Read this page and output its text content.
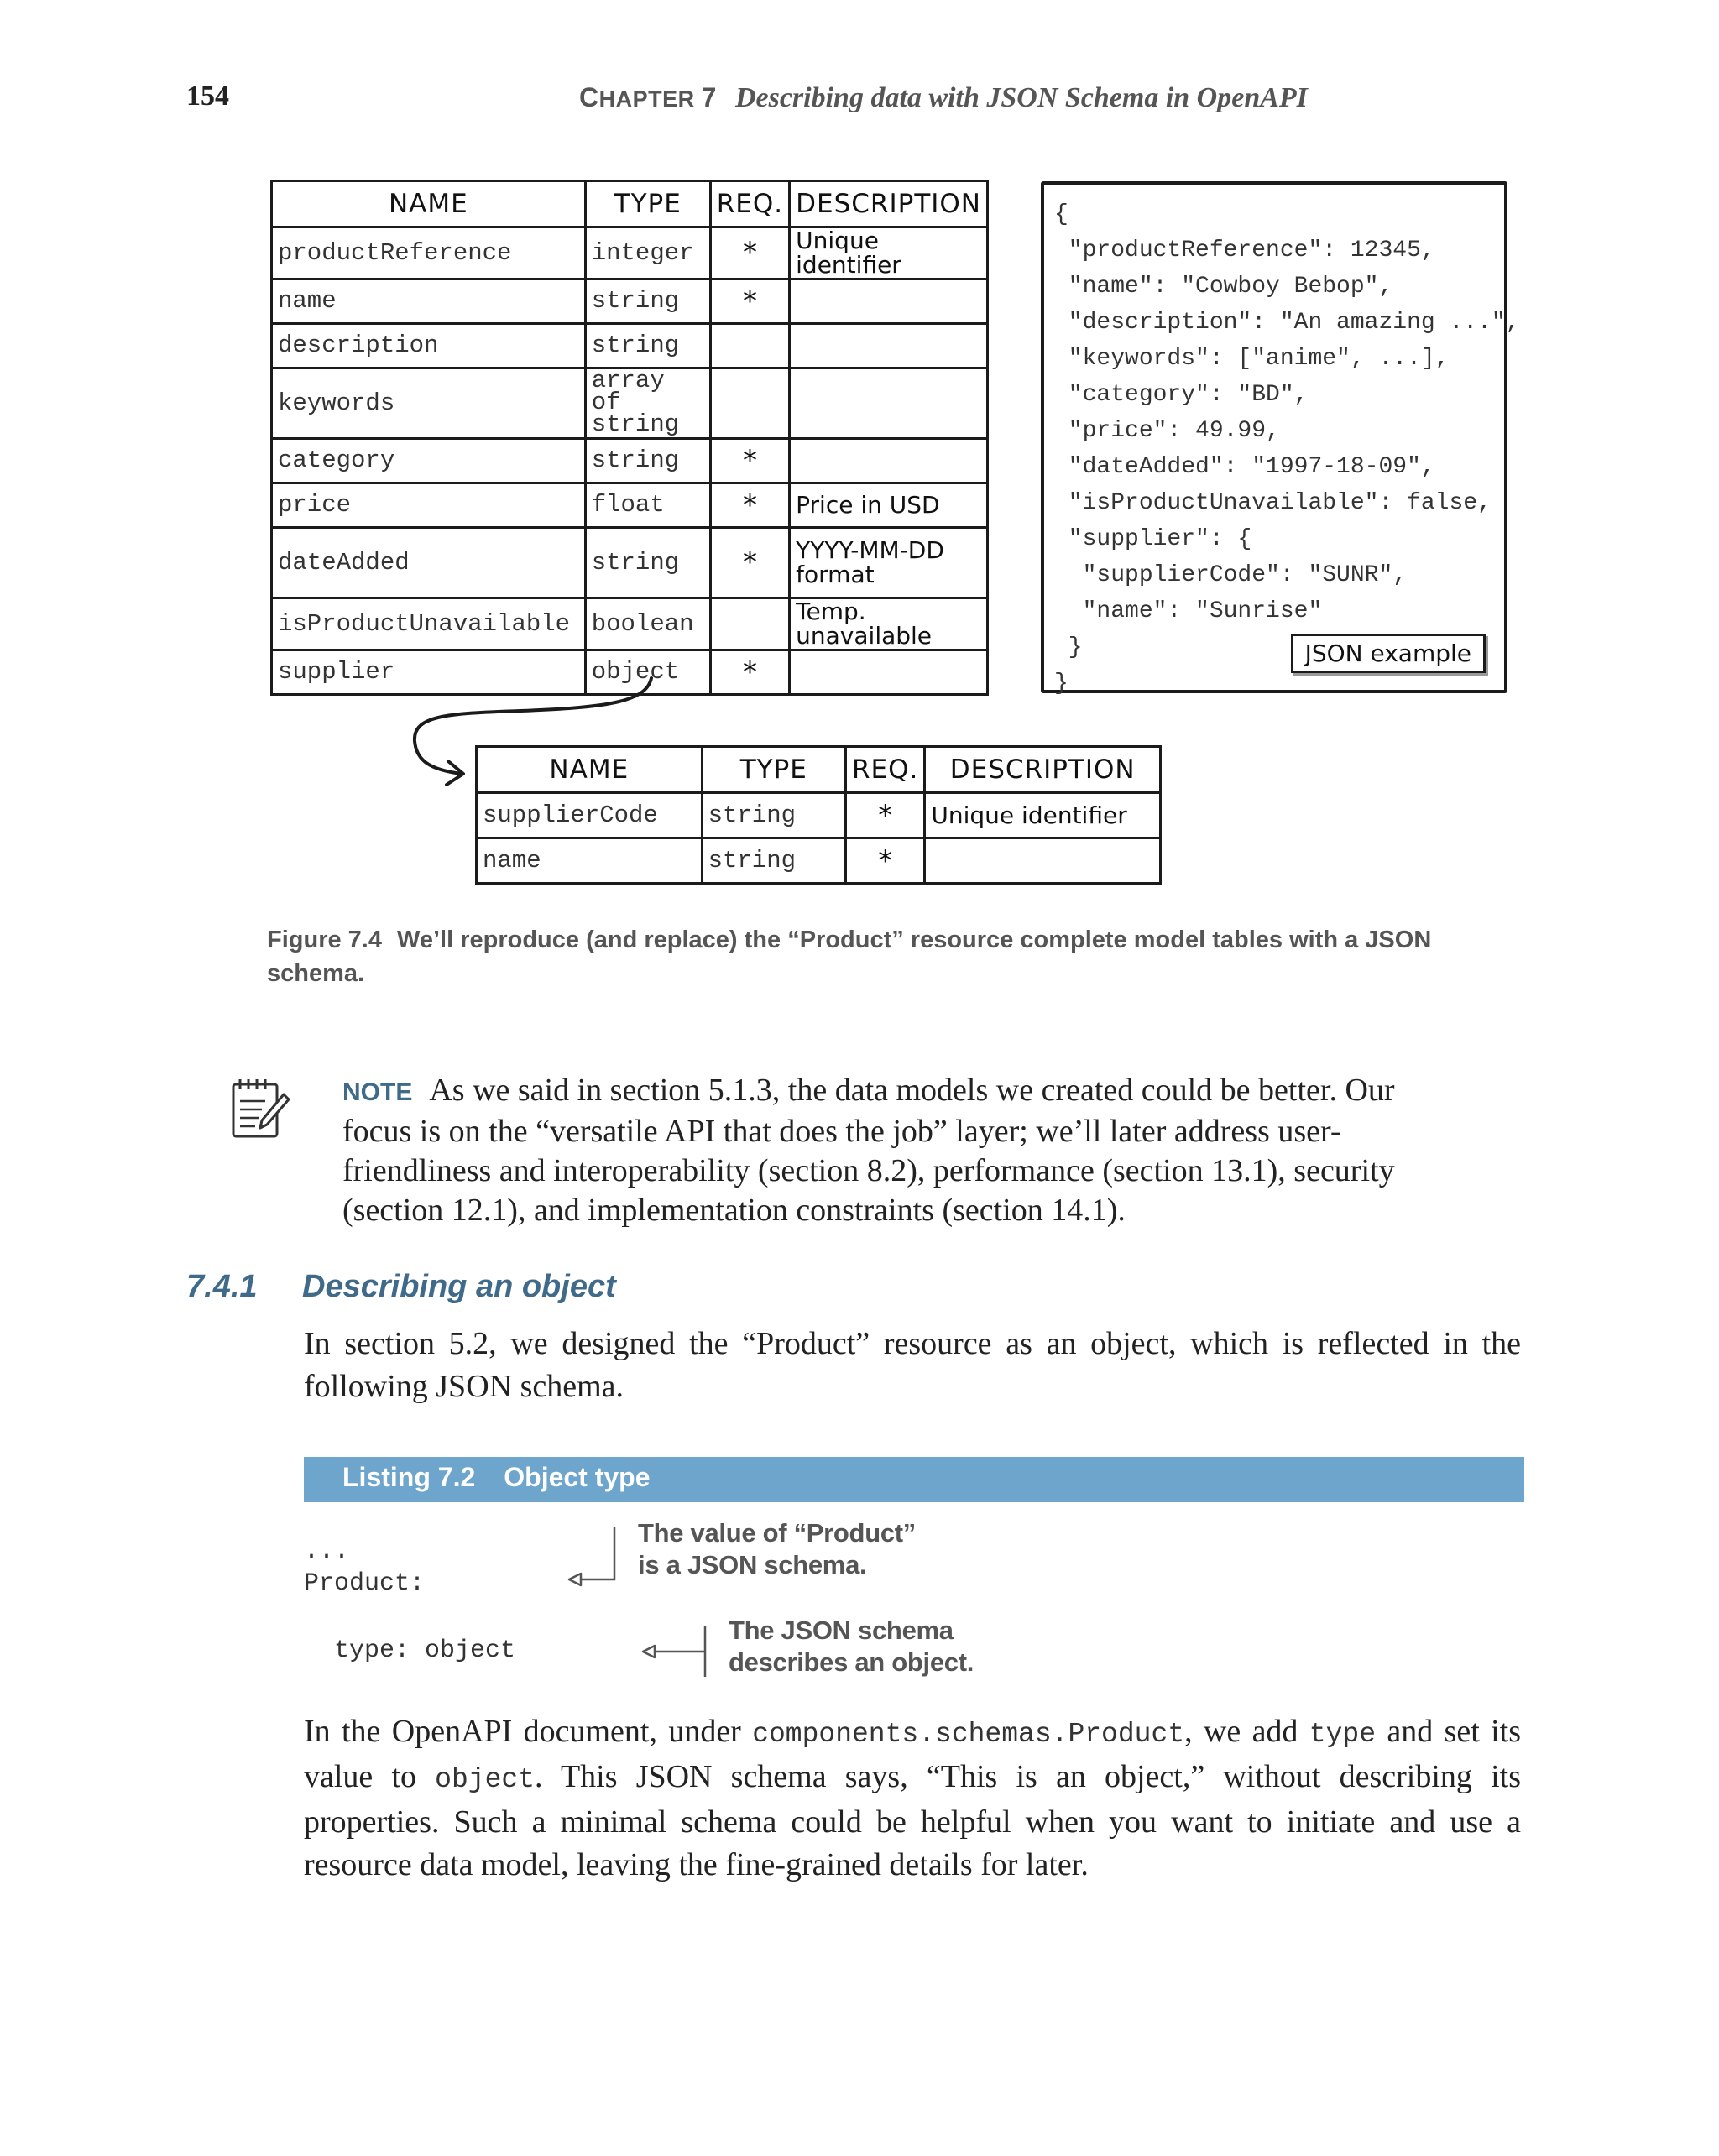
154	CHAPTER 7 Describing data with JSON Schema in OpenAPI
NAME	TYPE	REQ.	DESCRIPTION
productReference	integer	*	Unique identifier
name	string	*	
description	string		
keywords	array of string		
category	string	*	
price	float	*	Price in USD
dateAdded	string	*	YYYY-MM-DD format
isProductUnavailable	boolean		Temp. unavailable
supplier	object	*	
{
"productReference": 12345,
"name": "Cowboy Bebop",
"description": "An amazing ...",
"keywords": ["anime", ...],
"category": "BD",
"price": 49.99,
"dateAdded": "1997-18-09",
"isProductUnavailable": false,
"supplier": {
"supplierCode": "SUNR",
"name": "Sunrise"
}
}
JSON example
NAME	TYPE	REQ.	DESCRIPTION
supplierCode	string	*	Unique identifier
name	string	*	
Figure 7.4 We’ll reproduce (and replace) the “Product” resource complete model tables with a JSON schema.
NOTE As we said in section 5.1.3, the data models we created could be better. Our focus is on the “versatile API that does the job” layer; we’ll later address user-friendliness and interoperability (section 8.2), performance (section 13.1), security (section 12.1), and implementation constraints (section 14.1).
7.4.1 Describing an object
In section 5.2, we designed the “Product” resource as an object, which is reflected in the following JSON schema.
Listing 7.2 Object type
...
Product:
type: object
The value of “Product”
is a JSON schema.
The JSON schema
describes an object.
In the OpenAPI document, under components.schemas.Product, we add type and set its value to object. This JSON schema says, “This is an object,” without describing its properties. Such a minimal schema could be helpful when you want to initiate and use a resource data model, leaving the fine-grained details for later.
